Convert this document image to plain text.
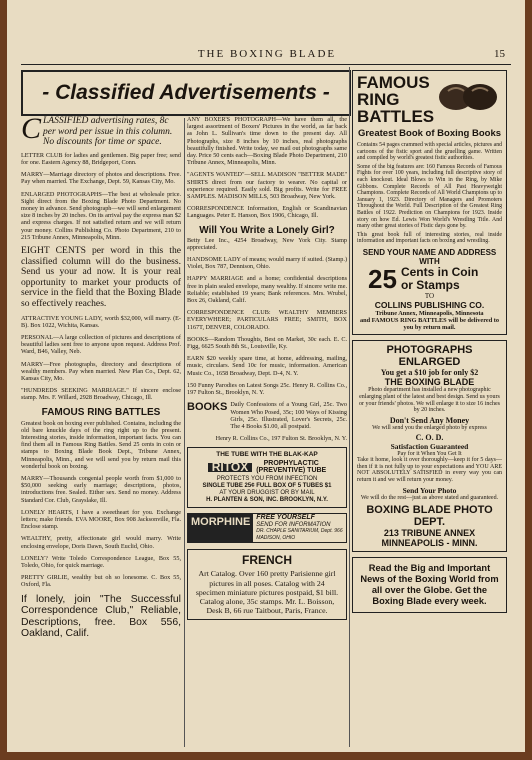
THE BOXING BLADE	15
- Classified Advertisements -
C LASSIFIED advertising rates, 8c per word per issue in this column. No discounts for time or space.
LETTER CLUB for ladies and gentlemen. Big paper free; send for one. Eastern Agency 88, Bridgeport, Conn.
MARRY—Marriage directory of photos and descriptions. Free. Pay when married. The Exchange, Dept. 59, Kansas City, Mo.
ENLARGED PHOTOGRAPHS—The best at wholesale price. Sight direct from the Boxing Blade Photo Department. No money in advance. Send photograph—we will send enlargement size 8 inches by 20 inches. On its arrival pay the express man $2 and express charges. If not satisfied return and we will return your money. Collins Publishing Co. Photo Department, 210 to 215 Tribune Annex, Minneapolis, Minn.
EIGHT CENTS per word in this the classified column will do the business. Send us your ad now. It is your real opportunity to market your products of service in the field that the Boxing Blade so effectively reaches.
ATTRACTIVE YOUNG LADY, worth $32,000, will marry. (E-B). Box 1022, Wichita, Kansas.
PERSONAL—A large collection of pictures and descriptions of beautiful ladies sent free to anyone upon request. Address Prof. Ward, B46, Valley, Neb.
MARRY—Free photographs, directory and descriptions of wealthy members. Pay when married. New Plan Co., Dept. 62, Kansas City, Mo.
"HUNDREDS SEEKING MARRIAGE." If sincere enclose stamp. Mrs. F. Willard, 2928 Broadway, Chicago, Ill.
FAMOUS RING BATTLES
Greatest book on boxing ever published. Contains, including the old bare knuckle days of the ring right up to the present. Interesting stories, inside information, important facts. You can find them all in Famous Ring Battles. Send 25 cents in coin or stamps to Boxing Blade Book Dept., Tribune Annex, Minneapolis, Minn., and we will send you by return mail this wonderful book on boxing.
MARRY—Thousands congenial people worth from $1,000 to $50,000 seeking early marriage; descriptions, photos, introductions free. Sealed. Either sex. Send no money. Address Standard Cor. Club, Grayslake, Ill.
LONELY HEARTS, I have a sweetheart for you. Exchange letters; make friends. EVA MOORE, Box 908 Jacksonville, Fla. Enclose stamp.
WEALTHY, pretty, affectionate girl would marry. Write enclosing envelope, Doris Dawn, South Euclid, Ohio.
LONELY? Write Toledo Correspondence League, Box 55, Toledo, Ohio, for quick marriage.
PRETTY GIRLIE, wealthy but oh so lonesome. C. Box 55, Oxford, Fla.
If lonely, join "The Successful Correspondence Club," Reliable, Descriptions, free. Box 556, Oakland, Calif.
ANY BOXER'S PHOTOGRAPH—We have them all, the largest assortment of Boxers' Pictures in the world, as far back as John L. Sullivan's time down to the present day. All Photographs, size 8 inches by 10 inches, real photographs beautifully finished. Write today, we mail out photographs same day. Price 50 cents each—Boxing Blade Photo Department, 210 Tribune Annex, Minneapolis, Minn.
"AGENTS WANTED"—SELL MADISON "BETTER MADE" SHIRTS direct from our factory to wearer. No capital or experience required. Easily sold. Big profits. Write for FREE SAMPLES. MADISON MILLS, 503 Broadway, New York.
CORRESPONDENCE Information, English or Scandinavian Languages. Peter E. Hanson, Box 1906, Chicago, Ill.
Will You Write a Lonely Girl?
Betty Lee Inc., 4254 Broadway, New York City. Stamp appreciated.
HANDSOME LADY of means; would marry if suited. (Stamp.) Violet, Box 787, Dennison, Ohio.
HAPPY MARRIAGE and a home; confidential descriptions free in plain sealed envelope, many wealthy. If sincere write me. Reliable; established 19 years; Bank references. Mrs. Wrubel, Box 26, Oakland, Calif.
CORRESPONDENCE CLUB: WEALTHY MEMBERS EVERYWHERE; PARTICULARS FREE; SMITH, BOX 1167T, DENVER, COLORADO.
BOOKS—Random Thoughts, Best on Market, 30c each. E. C. Figg, 6625 South 8th St., Louisville, Ky.
EARN $20 weekly spare time, at home, addressing, mailing, music, circulars. Send 10c for music, information. American Music Co., 1658 Broadway, Dept. D-4, N. Y.
150 Funny Parodies on Latest Songs 25c. Henry R. Collins Co., 197 Fulton St., Brooklyn, N. Y.
BOOKS Daily Confessions of a Young Girl, 25c. Two Women Who Posed, 35c; 100 Ways of Kissing Girls, 25c. Illustrated, Lover's Secrets, 25c. The 4 Books $1.00, all postpaid.
Henry R. Collins Co., 197 Fulton St. Brooklyn, N. Y.
THE TUBE WITH THE BLAK-KAP
RITOX	PROPHYLACTIC (PREVENTIVE) TUBE
PROTECTS YOU FROM INFECTION
SINGLE TUBE 25¢ FULL BOX OF 5 TUBES $1
AT YOUR DRUGGIST OR BY MAIL
H. PLANTEN & SON, INC. BROOKLYN, N.Y.
MORPHINE FREE YOURSELF
SEND FOR INFORMATION
DR. CHAPLE SANITARIUM, Dept. 966 MADISON, OHIO
FRENCH
Art Catalog. Over 160 pretty Parisienne girl pictures in all poses. Catalog with 24 specimen miniature pictures postpaid, $1 bill. Catalog alone, 35c stamps. Mr. L. Boisson, Desk B, 66 rue Taitbout, Paris, France.
FAMOUS RING BATTLES
Greatest Book of Boxing Books
Contains 54 pages crammed with special articles, pictures and cartoons of the fistic sport and the gruelling game. Written and compiled by world's greatest fistic authorities.
Some of the big features are: 160 Famous Records of Famous Fights for over 100 years, including full descriptive story of each knockout. Ideal Blows to Win in the Ring, by Mike Gibbons. Complete Records of All Past Heavyweight Champions. Complete Records of All World Champions up to January 1, 1923. Directory of Managers and Promoters Throughout the World. Full Description of the Greatest Ring Battles of 1922. Prediction on Champions for 1923. Inside story on how Ed. Lewis Won World's Wrestling Title. And many other great stories of Fistic days gone by.
This great book full of interesting stories, real inside information and important facts on boxing and wrestling.
SEND YOUR NAME AND ADDRESS WITH
25 Cents in Coin or Stamps
TO
COLLINS PUBLISHING CO.
Tribune Annex, Minneapolis, Minnesota
and FAMOUS RING BATTLES will be delivered to you by return mail.
PHOTOGRAPHS ENLARGED
You get a $10 job for only $2
THE BOXING BLADE
Photo department has installed a new photographic enlarging plant of the latest and best design. Send us yours or your friends' photos. We will enlarge it to size 16 inches by 20 inches.
Don't Send Any Money
We will send you the enlarged photo by express
C. O. D.
Satisfaction Guaranteed
Pay for it When You Get It
Take it home, look it over thoroughly—keep it for 5 days—then if it is not fully up to your expectations and YOU ARE NOT ABSOLUTELY SATISFIED in every way you can return it and we will return your money.
Send Your Photo
We will do the rest—just as above stated and guaranteed.
BOXING BLADE PHOTO DEPT.
213 TRIBUNE ANNEX
MINNEAPOLIS - MINN.
Read the Big and Important News of the Boxing World from all over the Globe. Get the Boxing Blade every week.
